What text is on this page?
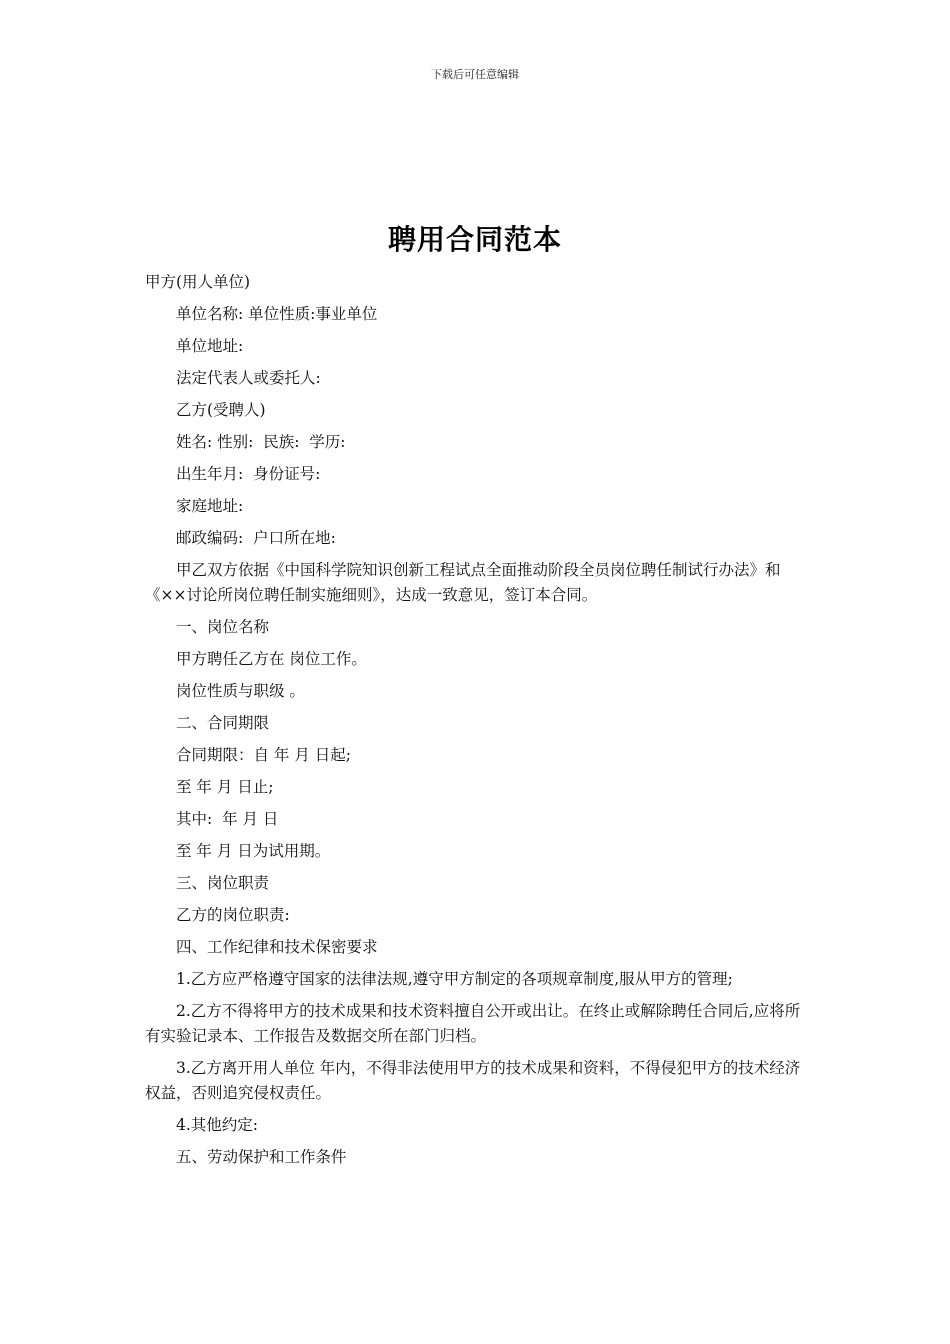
下载后可任意编辑
聘用合同范本

甲方(用人单位)

单位名称: 单位性质:事业单位

单位地址:

法定代表人或委托人:

乙方(受聘人)

姓名: 性别:  民族:  学历:

出生年月:  身份证号:

家庭地址:

邮政编码:  户口所在地:

甲乙双方依据《中国科学院知识创新工程试点全面推动阶段全员岗位聘任制试行办法》和《××讨论所岗位聘任制实施细则》，达成一致意见，签订本合同。

一、岗位名称

甲方聘任乙方在 岗位工作。

岗位性质与职级 。

二、合同期限

合同期限：自 年 月 日起;

至 年 月 日止;

其中:  年 月 日

至 年 月 日为试用期。

三、岗位职责

乙方的岗位职责:

四、工作纪律和技术保密要求

1.乙方应严格遵守国家的法律法规,遵守甲方制定的各项规章制度,服从甲方的管理;

2.乙方不得将甲方的技术成果和技术资料擅自公开或出让。在终止或解除聘任合同后,应将所有实验记录本、工作报告及数据交所在部门归档。

3.乙方离开用人单位 年内，不得非法使用甲方的技术成果和资料，不得侵犯甲方的技术经济权益，否则追究侵权责任。

4.其他约定:

五、劳动保护和工作条件
